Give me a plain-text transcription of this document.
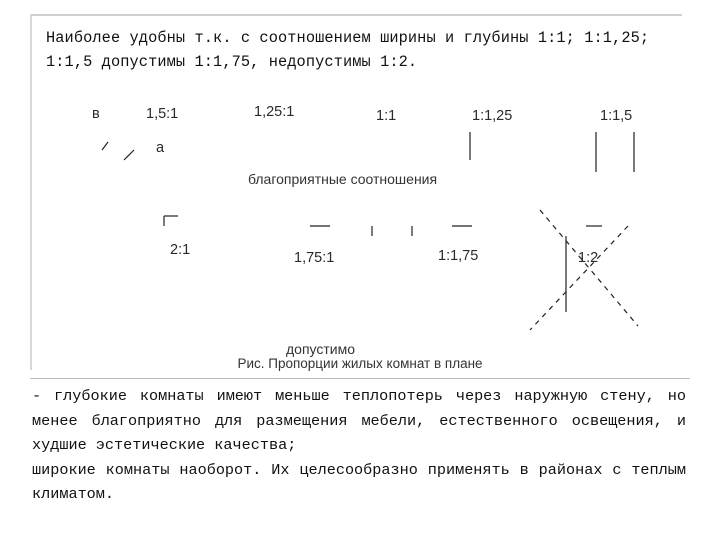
Наиболее удобны т.к. с соотношением ширины и глубины 1:1; 1:1,25; 1:1,5 допустимы 1:1,75, недопустимы 1:2.
в
а
1,5:1	1,25:1	1:1	1:1,25	1:1,5
благоприятные соотношения
2:1	1,75:1	1:1,75	1:2
допустимо
Рис. Пропорции жилых комнат в плане
- глубокие комнаты имеют меньше теплопотерь через наружную стену, но менее благоприятно для размещения мебели, естественного освещения, и худшие эстетические качества;
широкие комнаты наоборот. Их целесообразно применять в районах с теплым климатом.
